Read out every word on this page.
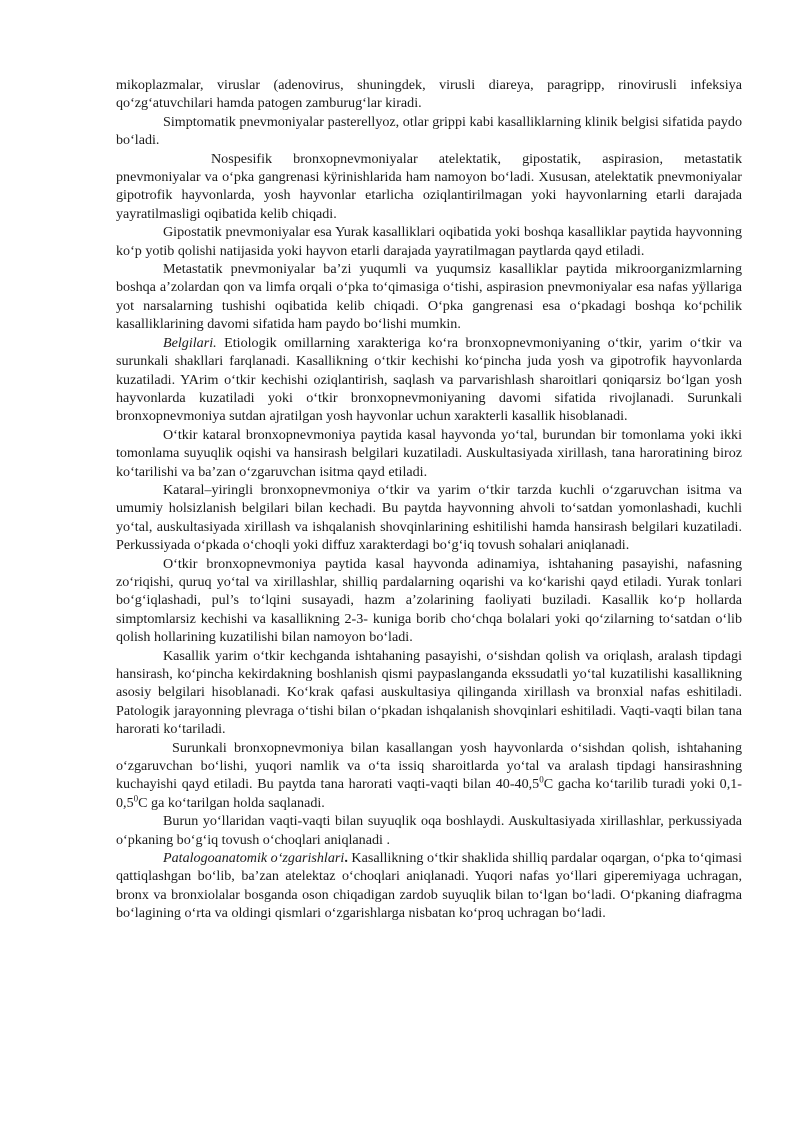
mikoplazmalar, viruslar (adenovirus, shuningdek, virusli diareya, paragripp, rinovirusli infeksiya qo‘zg‘atuvchilari hamda patogen zamburug‘lar kiradi.

Simptomatik pnevmoniyalar pasterellyoz, otlar grippi kabi kasalliklarning klinik belgisi sifatida paydo bo‘ladi.

Nospesifik bronxopnevmoniyalar atelektatik, gipostatik, aspirasion, metastatik pnevmoniyalar va o‘pka gangrenasi kÿrinishlarida ham namoyon bo‘ladi. Xususan, atelektatik pnevmoniyalar gipotrofik hayvonlarda, yosh hayvonlar etarlicha oziqlantirilmagan yoki hayvonlarning etarli darajada yayratilmasligi oqibatida kelib chiqadi.

Gipostatik pnevmoniyalar esa Yurak kasalliklari oqibatida yoki boshqa kasalliklar paytida hayvonning ko‘p yotib qolishi natijasida yoki hayvon etarli darajada yayratilmagan paytlarda qayd etiladi.

Metastatik pnevmoniyalar ba’zi yuqumli va yuqumsiz kasalliklar paytida mikroorganizmlarning boshqa a’zolardan qon va limfa orqali o‘pka to‘qimasiga o‘tishi, aspirasion pnevmoniyalar esa nafas yÿllariga yot narsalarning tushishi oqibatida kelib chiqadi. O‘pka gangrenasi esa o‘pkadagi boshqa ko‘pchilik kasalliklarining davomi sifatida ham paydo bo‘lishi mumkin.

Belgilari. Etiologik omillarning xarakteriga ko‘ra bronxopnevmoniyaning o‘tkir, yarim o‘tkir va surunkali shakllari farqlanadi. Kasallikning o‘tkir kechishi ko‘pincha juda yosh va gipotrofik hayvonlarda kuzatiladi. YArim o‘tkir kechishi oziqlantirish, saqlash va parvarishlash sharoitlari qoniqarsiz bo‘lgan yosh hayvonlarda kuzatiladi yoki o‘tkir bronxopnevmoniyaning davomi sifatida rivojlanadi. Surunkali bronxopnevmoniya sutdan ajratilgan yosh hayvonlar uchun xarakterli kasallik hisoblanadi.

O‘tkir kataral bronxopnevmoniya paytida kasal hayvonda yo‘tal, burundan bir tomonlama yoki ikki tomonlama suyuqlik oqishi va hansirash belgilari kuzatiladi. Auskultasiyada xirillash, tana haroratining biroz ko‘tarilishi va ba’zan o‘zgaruvchan isitma qayd etiladi.

Kataral–yiringli bronxopnevmoniya o‘tkir va yarim o‘tkir tarzda kuchli o‘zgaruvchan isitma va umumiy holsizlanish belgilari bilan kechadi. Bu paytda hayvonning ahvoli to‘satdan yomonlashadi, kuchli yo‘tal, auskultasiyada xirillash va ishqalanish shovqinlarining eshitilishi hamda hansirash belgilari kuzatiladi. Perkussiyada o‘pkada o‘choqli yoki diffuz xarakterdagi bo‘g‘iq tovush sohalari aniqlanadi.

O‘tkir bronxopnevmoniya paytida kasal hayvonda adinamiya, ishtahaning pasayishi, nafasning zo‘riqishi, quruq yo‘tal va xirillashlar, shilliq pardalarning oqarishi va ko‘karishi qayd etiladi. Yurak tonlari bo‘g‘iqlashadi, pul’s to‘lqini susayadi, hazm a’zolarining faoliyati buziladi. Kasallik ko‘p hollarda simptomlarsiz kechishi va kasallikning 2-3- kuniga borib cho‘chqa bolalari yoki qo‘zilarning to‘satdan o‘lib qolish hollarining kuzatilishi bilan namoyon bo‘ladi.

Kasallik yarim o‘tkir kechganda ishtahaning pasayishi, o‘sishdan qolish va oriqlash, aralash tipdagi hansirash, ko‘pincha kekirdakning boshlanish qismi paypaslanganda ekssudatli yo‘tal kuzatilishi kasallikning asosiy belgilari hisoblanadi. Ko‘krak qafasi auskultasiya qilinganda xirillash va bronxial nafas eshitiladi. Patologik jarayonning plevraga o‘tishi bilan o‘pkadan ishqalanish shovqinlari eshitiladi. Vaqti-vaqti bilan tana harorati ko‘tariladi.

Surunkali bronxopnevmoniya bilan kasallangan yosh hayvonlarda o‘sishdan qolish, ishtahaning o‘zgaruvchan bo‘lishi, yuqori namlik va o‘ta issiq sharoitlarda yo‘tal va aralash tipdagi hansirashning kuchayishi qayd etiladi. Bu paytda tana harorati vaqti-vaqti bilan 40-40,5$^0$C gacha ko‘tarilib turadi yoki $0,1-0,5^0C$ ga ko‘tarilgan holda saqlanadi.

Burun yo‘llaridan vaqti-vaqti bilan suyuqlik oqa boshlaydi. Auskultasiyada xirillashlar, perkussiyada o‘pkaning bo‘g‘iq tovush o‘choqlari aniqlanadi .

Patalogoanatomik o‘zgarishlari. Kasallikning o‘tkir shaklida shilliq pardalar oqargan, o‘pka to‘qimasi qattiqlashgan bo‘lib, ba’zan atelektaz o‘choqlari aniqlanadi. Yuqori nafas yo‘llari giperemiyaga uchragan, bronx va bronxiolalar bosganda oson chiqadigan zardob suyuqlik bilan to‘lgan bo‘ladi. O‘pkaning diafragma bo‘lagining o‘rta va oldingi qismlari o‘zgarishlarga nisbatan ko‘proq uchragan bo‘ladi.
